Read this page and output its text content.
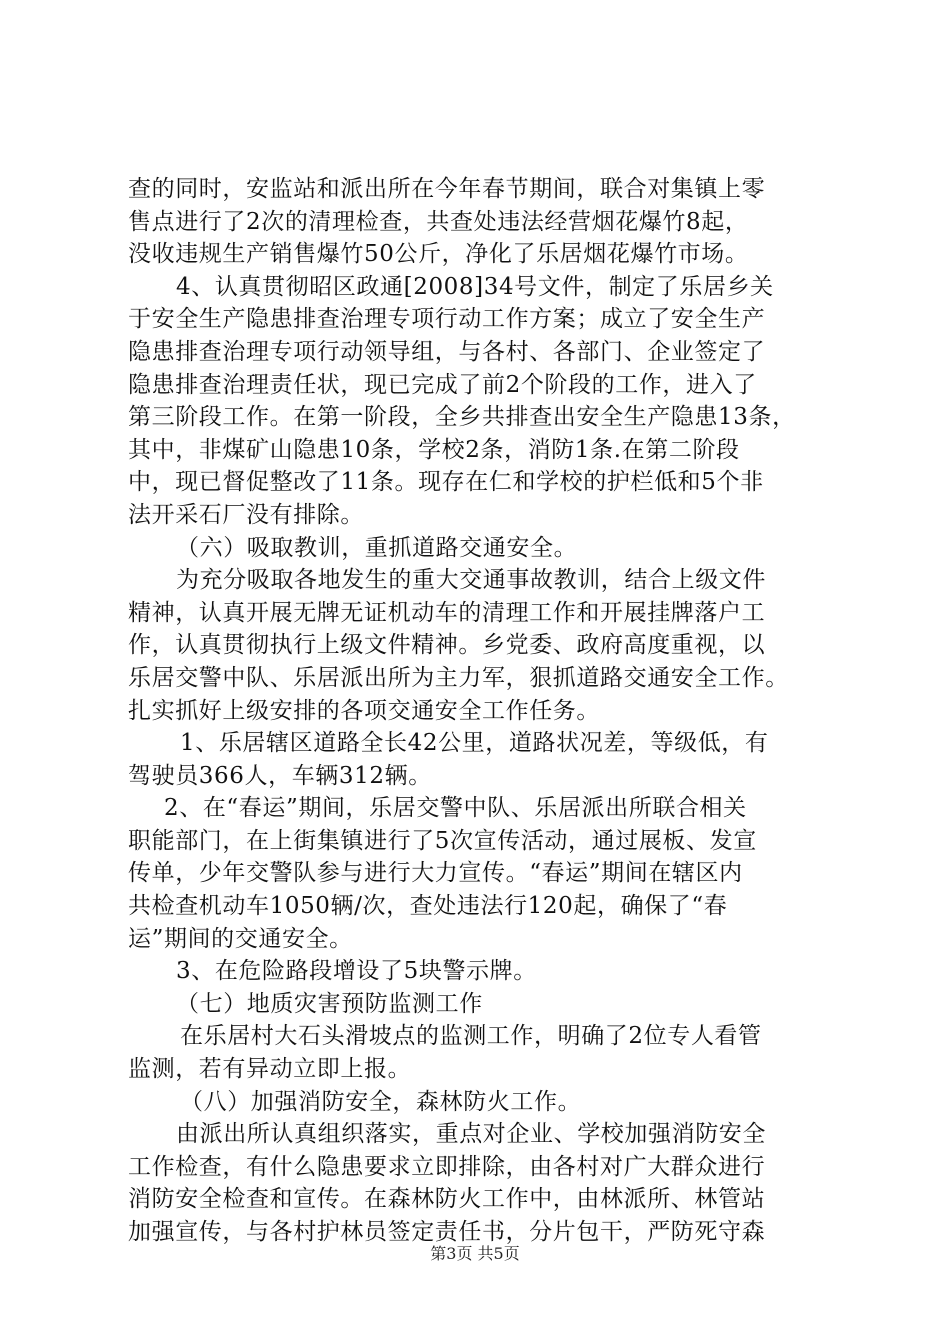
查的同时，安监站和派出所在今年春节期间，联合对集镇上零
售点进行了2次的清理检查，共查处违法经营烟花爆竹8起，
没收违规生产销售爆竹50公斤，净化了乐居烟花爆竹市场。
4、认真贯彻昭区政通[2008]34号文件，制定了乐居乡关
于安全生产隐患排查治理专项行动工作方案；成立了安全生产
隐患排查治理专项行动领导组，与各村、各部门、企业签定了
隐患排查治理责任状，现已完成了前2个阶段的工作，进入了
第三阶段工作。在第一阶段，全乡共排查出安全生产隐患13条，
其中，非煤矿山隐患10条，学校2条，消防1条.在第二阶段
中，现已督促整改了11条。现存在仁和学校的护栏低和5个非
法开采石厂没有排除。
（六）吸取教训，重抓道路交通安全。
为充分吸取各地发生的重大交通事故教训，结合上级文件
精神，认真开展无牌无证机动车的清理工作和开展挂牌落户工
作，认真贯彻执行上级文件精神。乡党委、政府高度重视，以
乐居交警中队、乐居派出所为主力军，狠抓道路交通安全工作。
扎实抓好上级安排的各项交通安全工作任务。
1、乐居辖区道路全长42公里，道路状况差，等级低，有
驾驶员366人，车辆312辆。
2、在“春运”期间，乐居交警中队、乐居派出所联合相关
职能部门，在上街集镇进行了5次宣传活动，通过展板、发宣
传单，少年交警队参与进行大力宣传。“春运”期间在辖区内
共检查机动车1050辆/次，查处违法行120起，确保了“春
运”期间的交通安全。
3、在危险路段增设了5块警示牌。
（七）地质灾害预防监测工作
在乐居村大石头滑坡点的监测工作，明确了2位专人看管
监测，若有异动立即上报。
（八）加强消防安全，森林防火工作。
由派出所认真组织落实，重点对企业、学校加强消防安全
工作检查，有什么隐患要求立即排除，由各村对广大群众进行
消防安全检查和宣传。在森林防火工作中，由林派所、林管站
加强宣传，与各村护林员签定责任书，分片包干，严防死守森
第3页 共5页
